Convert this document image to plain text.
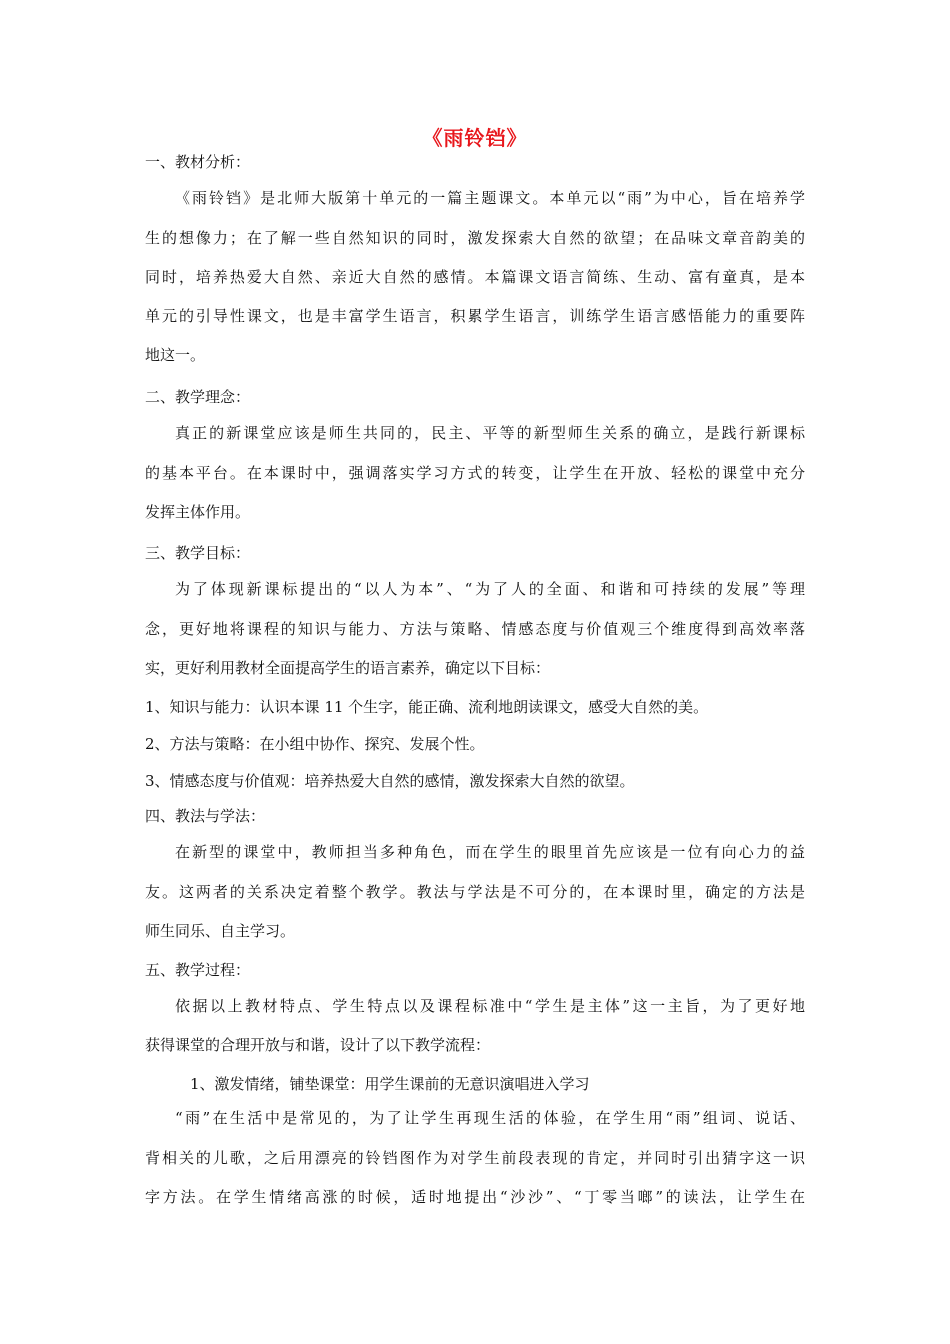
《雨铃铛》
一、教材分析：
《雨铃铛》是北师大版第十单元的一篇主题课文。本单元以“雨”为中心，旨在培养学
生的想像力；在了解一些自然知识的同时，激发探索大自然的欲望；在品味文章音韵美的
同时，培养热爱大自然、亲近大自然的感情。本篇课文语言简练、生动、富有童真，是本
单元的引导性课文，也是丰富学生语言，积累学生语言，训练学生语言感悟能力的重要阵
地这一。
二、教学理念：
真正的新课堂应该是师生共同的，民主、平等的新型师生关系的确立，是践行新课标
的基本平台。在本课时中，强调落实学习方式的转变，让学生在开放、轻松的课堂中充分
发挥主体作用。
三、教学目标：
为了体现新课标提出的“以人为本”、“为了人的全面、和谐和可持续的发展”等理
念，更好地将课程的知识与能力、方法与策略、情感态度与价值观三个维度得到高效率落
实，更好利用教材全面提高学生的语言素养，确定以下目标：
1、知识与能力：认识本课 11 个生字，能正确、流利地朗读课文，感受大自然的美。
2、方法与策略：在小组中协作、探究、发展个性。
3、情感态度与价值观：培养热爱大自然的感情，激发探索大自然的欲望。
四、教法与学法：
在新型的课堂中，教师担当多种角色，而在学生的眼里首先应该是一位有向心力的益
友。这两者的关系决定着整个教学。教法与学法是不可分的，在本课时里，确定的方法是
师生同乐、自主学习。
五、教学过程：
依据以上教材特点、学生特点以及课程标准中“学生是主体”这一主旨，为了更好地
获得课堂的合理开放与和谐，设计了以下教学流程：
1、激发情绪，铺垫课堂：用学生课前的无意识演唱进入学习
“雨”在生活中是常见的，为了让学生再现生活的体验，在学生用“雨”组词、说话、
背相关的儿歌，之后用漂亮的铃铛图作为对学生前段表现的肯定，并同时引出猜字这一识
字方法。在学生情绪高涨的时候，适时地提出“沙沙”、“丁零当啷”的读法，让学生在
